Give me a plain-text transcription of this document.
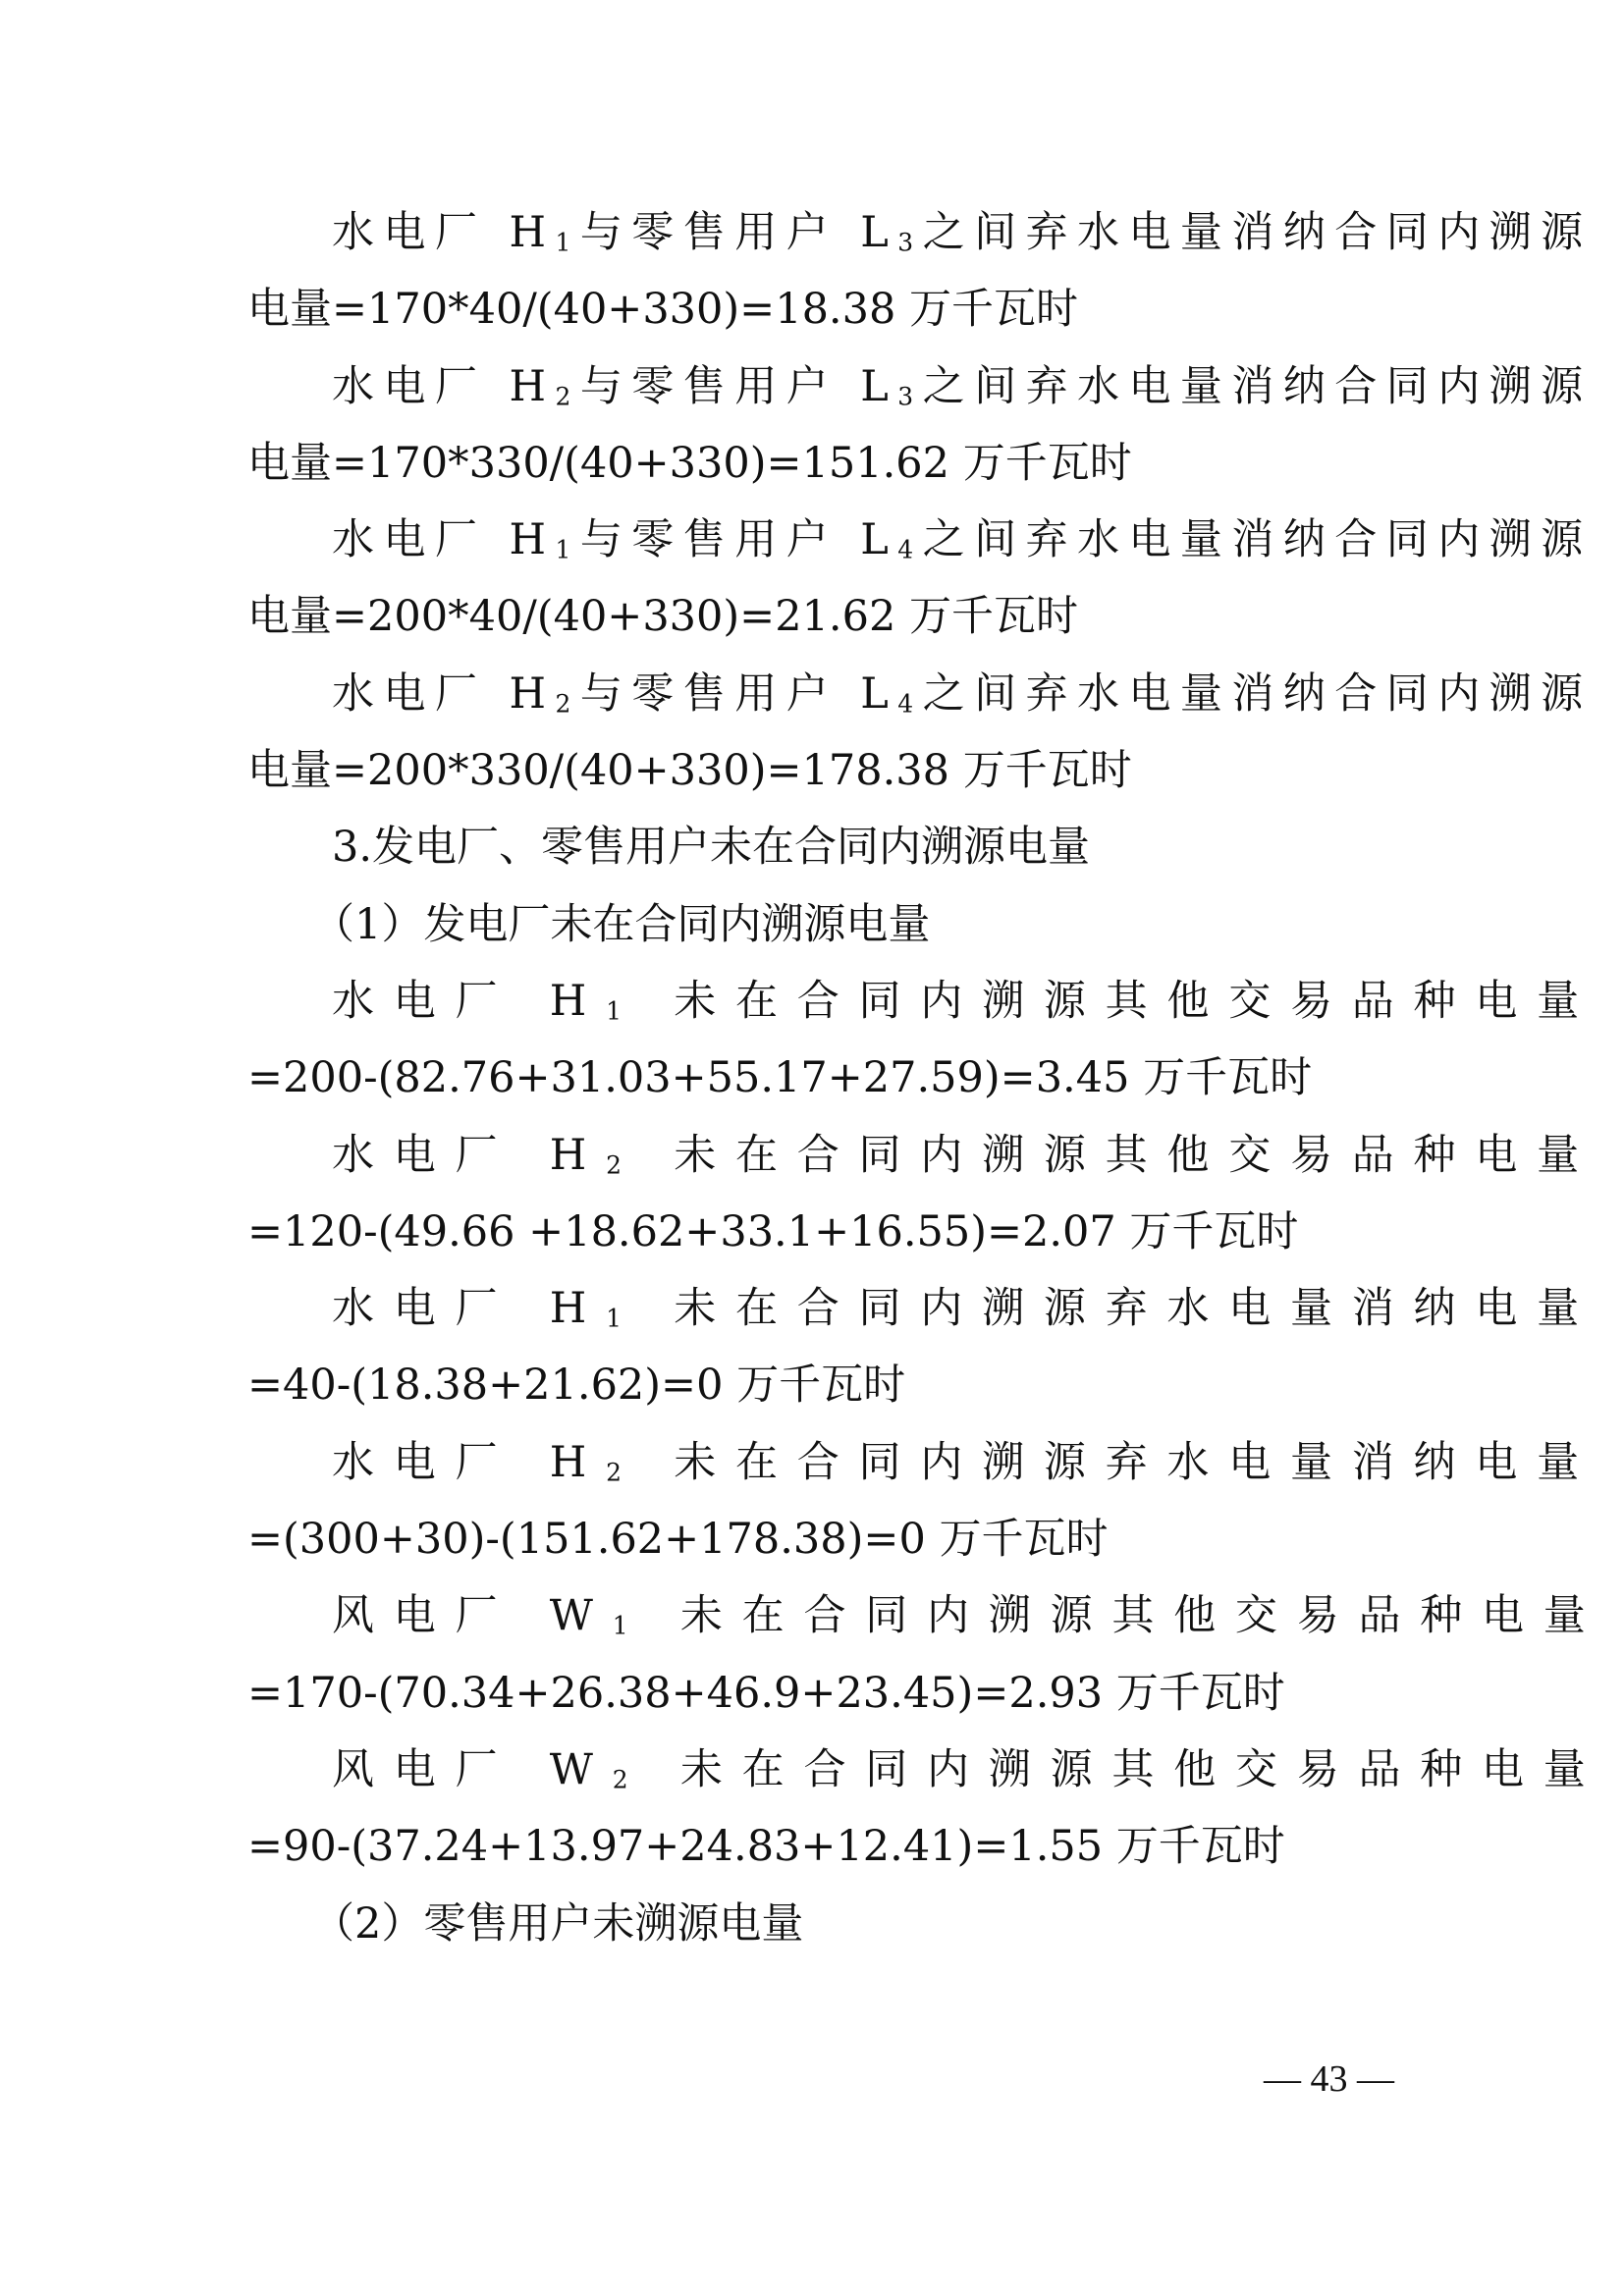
水电厂 $H_1$与零售用户 $L_3$之间弃水电量消纳合同内溯源
电量=170*40/(40+330)=18.38 万千瓦时
水电厂 $H_2$与零售用户 $L_3$之间弃水电量消纳合同内溯源
电量=170*330/(40+330)=151.62 万千瓦时
水电厂 $H_1$与零售用户 $L_4$之间弃水电量消纳合同内溯源
电量=200*40/(40+330)=21.62 万千瓦时
水电厂 $H_2$与零售用户 $L_4$之间弃水电量消纳合同内溯源
电量=200*330/(40+330)=178.38 万千瓦时
3.发电厂、零售用户未在合同内溯源电量
（1）发电厂未在合同内溯源电量
水电厂 $H_1$ 未在合同内溯源其他交易品种电量
=200-(82.76+31.03+55.17+27.59)=3.45 万千瓦时
水电厂 $H_2$ 未在合同内溯源其他交易品种电量
=120-(49.66 +18.62+33.1+16.55)=2.07 万千瓦时
水电厂 $H_1$ 未在合同内溯源弃水电量消纳电量
=40-(18.38+21.62)=0 万千瓦时
水电厂 $H_2$ 未在合同内溯源弃水电量消纳电量
=(300+30)-(151.62+178.38)=0 万千瓦时
风电厂 $W_1$ 未在合同内溯源其他交易品种电量
=170-(70.34+26.38+46.9+23.45)=2.93 万千瓦时
风电厂 $W_2$ 未在合同内溯源其他交易品种电量
=90-(37.24+13.97+24.83+12.41)=1.55 万千瓦时
（2）零售用户未溯源电量
— 43 —
